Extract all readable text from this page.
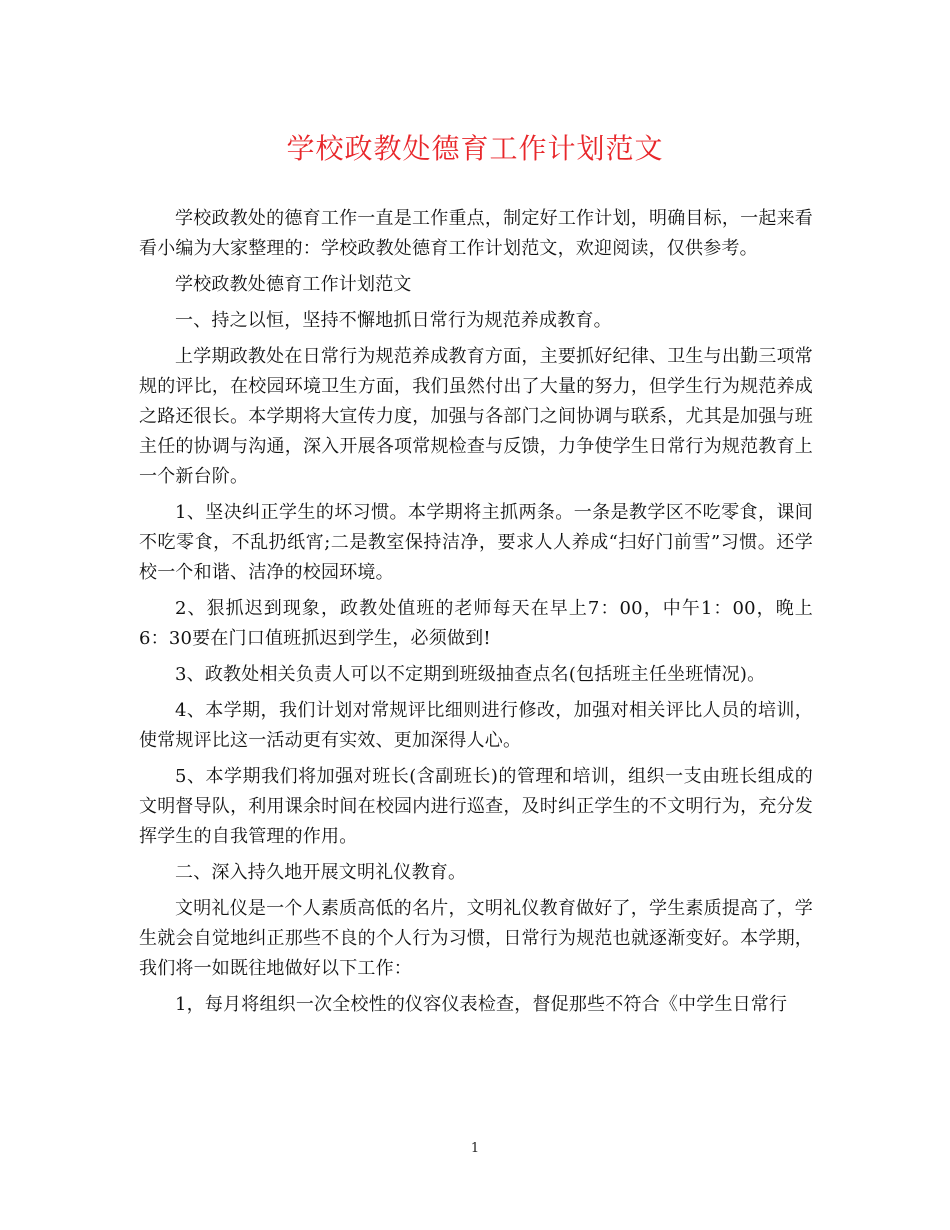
学校政教处德育工作计划范文

学校政教处的德育工作一直是工作重点，制定好工作计划，明确目标，一起来看看小编为大家整理的：学校政教处德育工作计划范文，欢迎阅读，仅供参考。

学校政教处德育工作计划范文

一、持之以恒，坚持不懈地抓日常行为规范养成教育。

上学期政教处在日常行为规范养成教育方面，主要抓好纪律、卫生与出勤三项常规的评比，在校园环境卫生方面，我们虽然付出了大量的努力，但学生行为规范养成之路还很长。本学期将大宣传力度，加强与各部门之间协调与联系，尤其是加强与班主任的协调与沟通，深入开展各项常规检查与反馈，力争使学生日常行为规范教育上一个新台阶。

1、坚决纠正学生的坏习惯。本学期将主抓两条。一条是教学区不吃零食，课间不吃零食，不乱扔纸宵;二是教室保持洁净，要求人人养成“扫好门前雪”习惯。还学校一个和谐、洁净的校园环境。

2、狠抓迟到现象，政教处值班的老师每天在早上7：00，中午1：00，晚上6：30要在门口值班抓迟到学生，必须做到!

3、政教处相关负责人可以不定期到班级抽查点名(包括班主任坐班情况)。

4、本学期，我们计划对常规评比细则进行修改，加强对相关评比人员的培训，使常规评比这一活动更有实效、更加深得人心。

5、本学期我们将加强对班长(含副班长)的管理和培训，组织一支由班长组成的文明督导队，利用课余时间在校园内进行巡查，及时纠正学生的不文明行为，充分发挥学生的自我管理的作用。

二、深入持久地开展文明礼仪教育。

文明礼仪是一个人素质高低的名片，文明礼仪教育做好了，学生素质提高了，学生就会自觉地纠正那些不良的个人行为习惯，日常行为规范也就逐渐变好。本学期，我们将一如既往地做好以下工作：

1，每月将组织一次全校性的仪容仪表检查，督促那些不符合《中学生日常行

1
